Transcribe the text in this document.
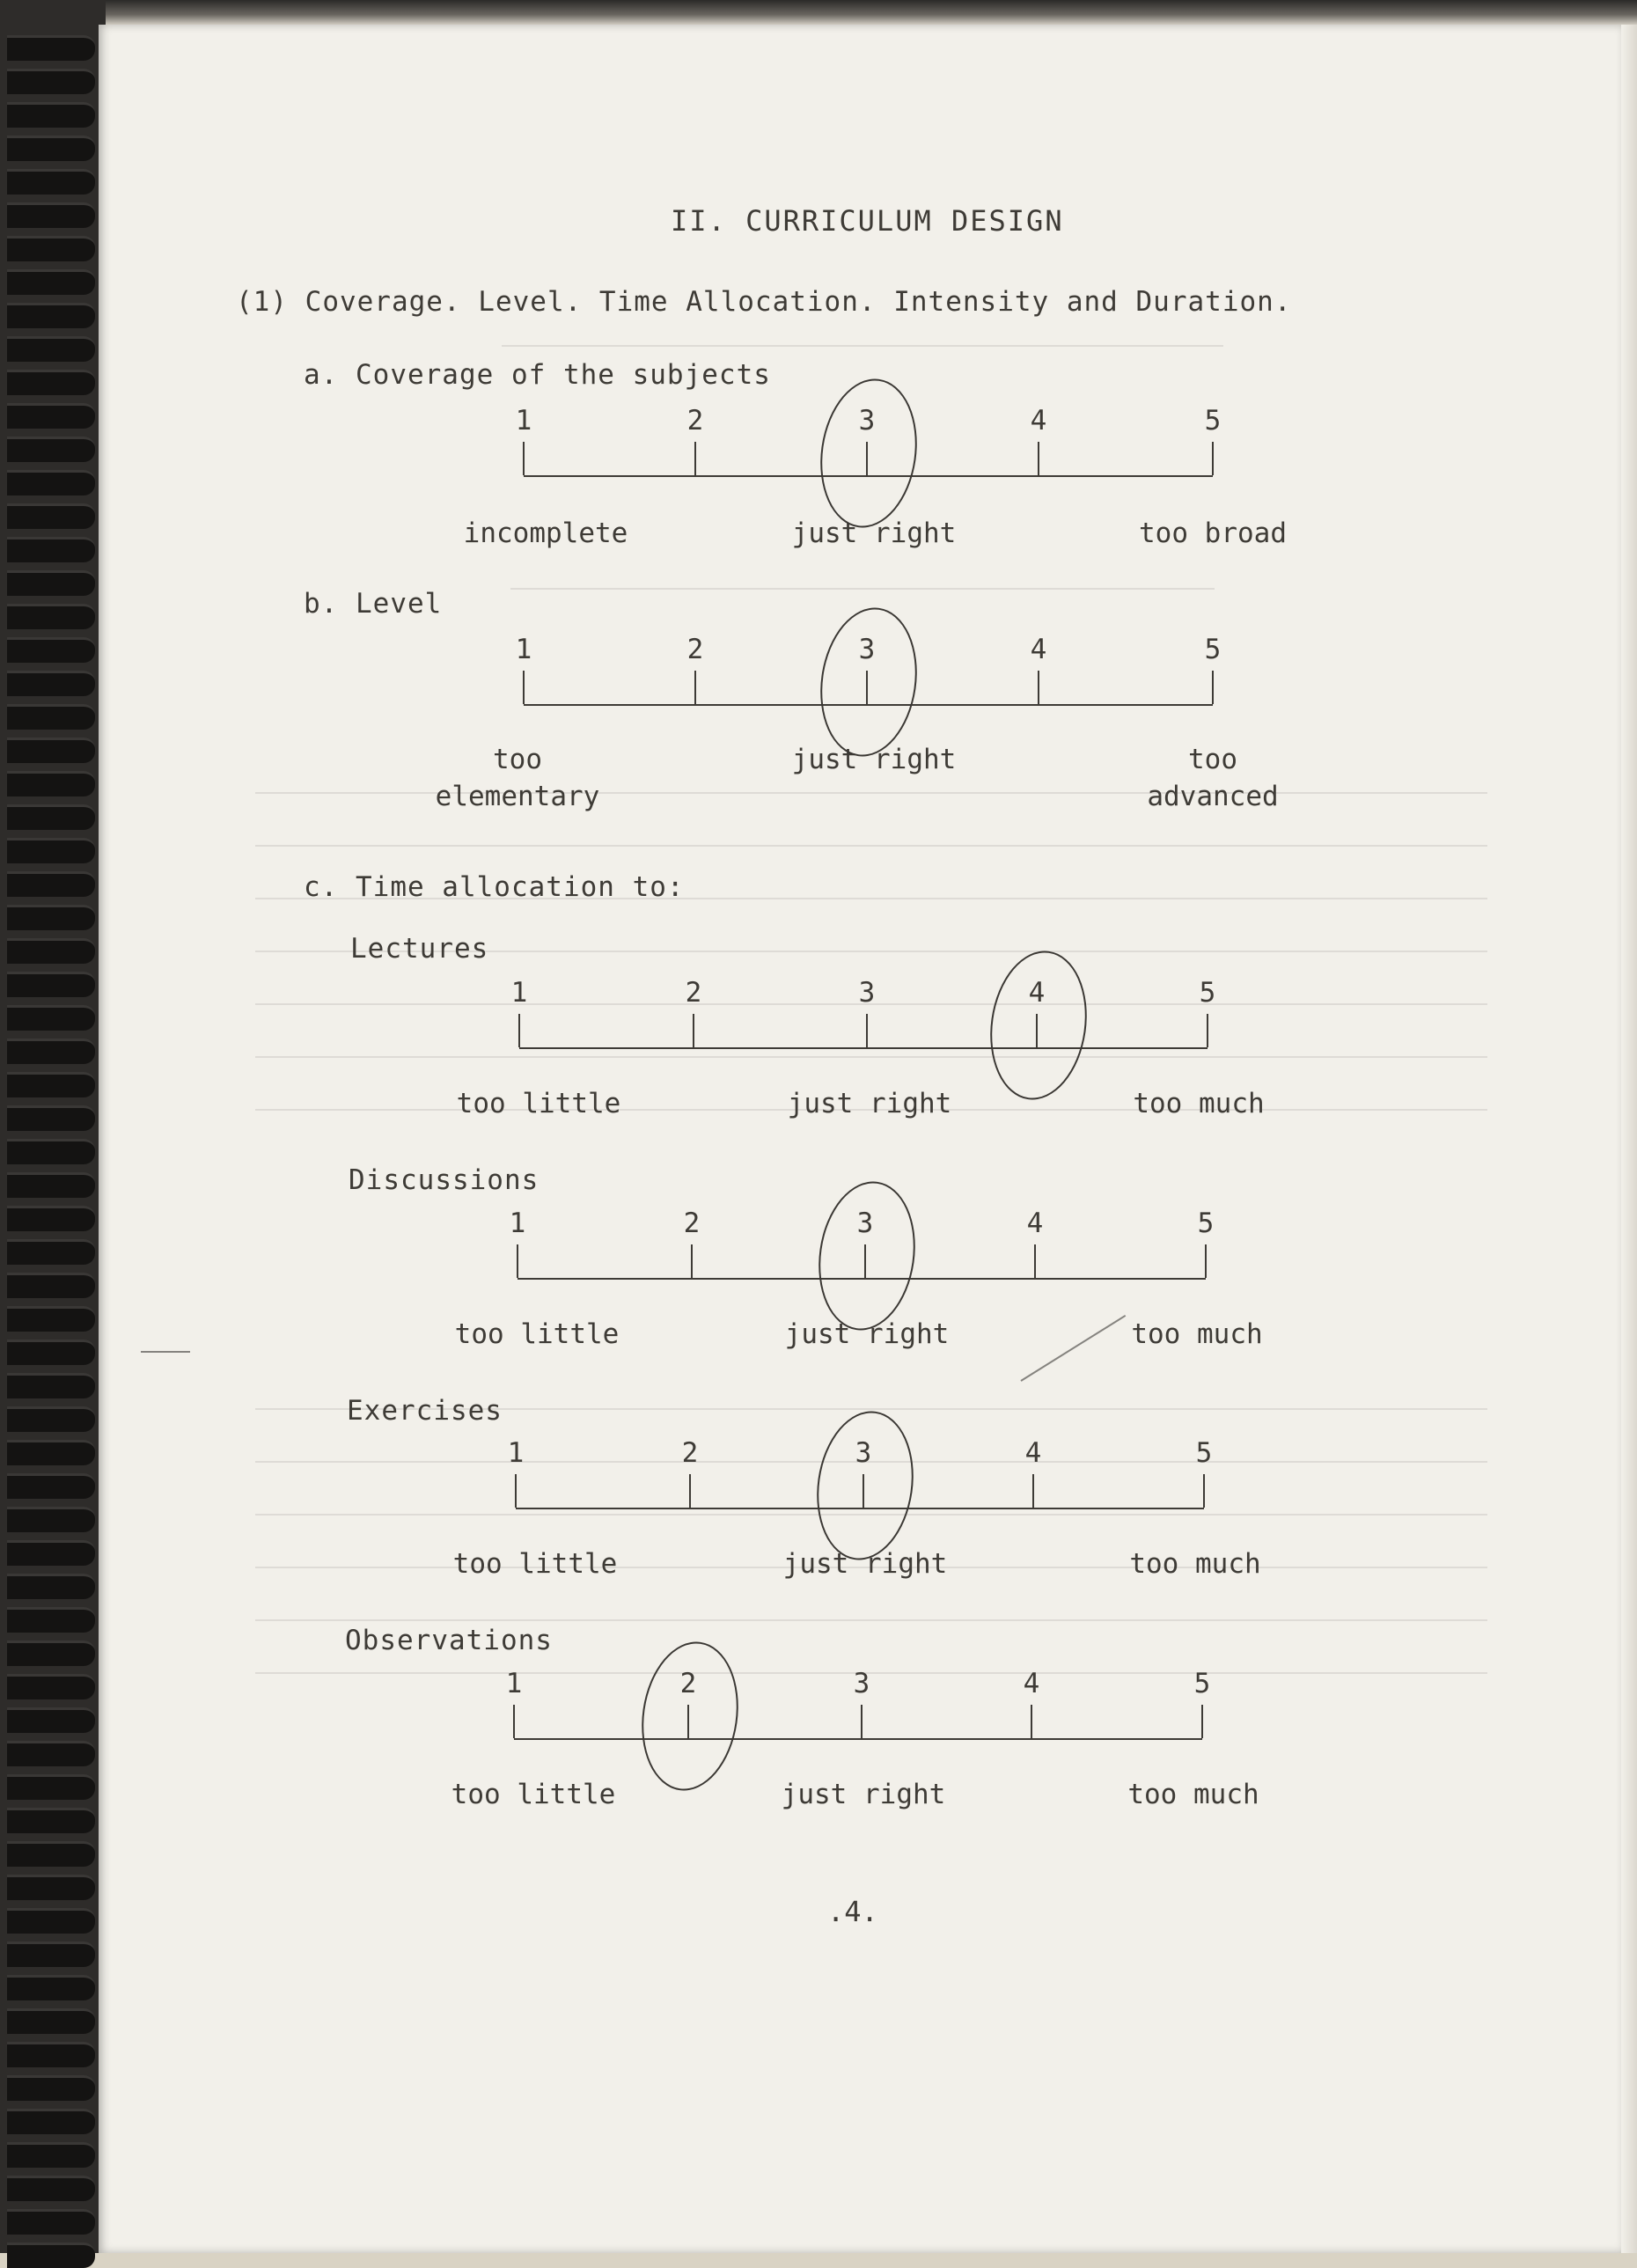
II. CURRICULUM DESIGN
(1) Coverage. Level. Time Allocation. Intensity and Duration.
a. Coverage of the subjects
1	2	3	4	5
incomplete	just right	too broad
b. Level
1	2	3	4	5
too
elementary
just right	too
advanced
c. Time allocation to:
Lectures
1	2	3	4	5
too little	just right	too much
Discussions
1	2	3	4	5
too little	just right	too much
Exercises
1	2	3	4	5
too little	just right	too much
Observations
1	2	3	4	5
too little	just right	too much
.4.
